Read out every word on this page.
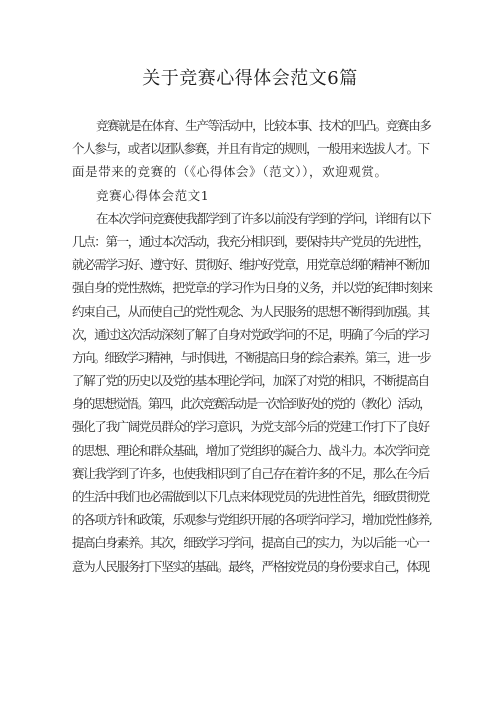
关于竞赛心得体会范文6篇
竞赛就是在体育、生产等活动中，比较本事、技术的凹凸。竞赛由多
个人参与，或者以团队参赛，并且有肯定的规则，一般用来选拔人才。下
面是带来的竞赛的（《心得体会》（范文）），欢迎观赏。
竞赛心得体会范文1
在本次学问竞赛使我都学到了许多以前没有学到的学问，详细有以下
几点：第一，通过本次活动，我充分相识到，要保持共产党员的先进性，
就必需学习好、遵守好、贯彻好、维护好党章，用党章总纲的精神不断加
强自身的党性熬炼，把党章:的学习作为日身的义务，并以党的纪律时刻来
约束自己，从而使自己的党性观念、为人民服务的思想不断得到加强。其
次，通过这次活动深刻了解了自身对党政学问的不足，明确了今后的学习
方向。细致学习精神，与时俱进，不断提高日身的综合素养。第三，进一步
了解了党的历史以及党的基本理论学问，加深了对党的相识，不断提高自
身的思想觉悟。第四，此次竞赛活动是一次恰到好处的党的（教化）活动，
强化了我广阔党员群众的学习意识，为党支部今后的党建工作打下了良好
的思想、理论和群众基础，增加了党组织的凝合力、战斗力。本次学问竞
赛让我学到了许多，也使我相识到了自己存在着许多的不足，那么在今后
的生活中我们也必需做到以下几点来体现党员的先进性首先，细致贯彻党
的各项方针和政策，乐观参与党组织开展的各项学问学习，增加党性修养,
提高白身素养。其次，细致学习学问，提高自己的实力，为以后能一心一
意为人民服务打下坚实的基础。最终，严格按党员的身份要求自己，体现
